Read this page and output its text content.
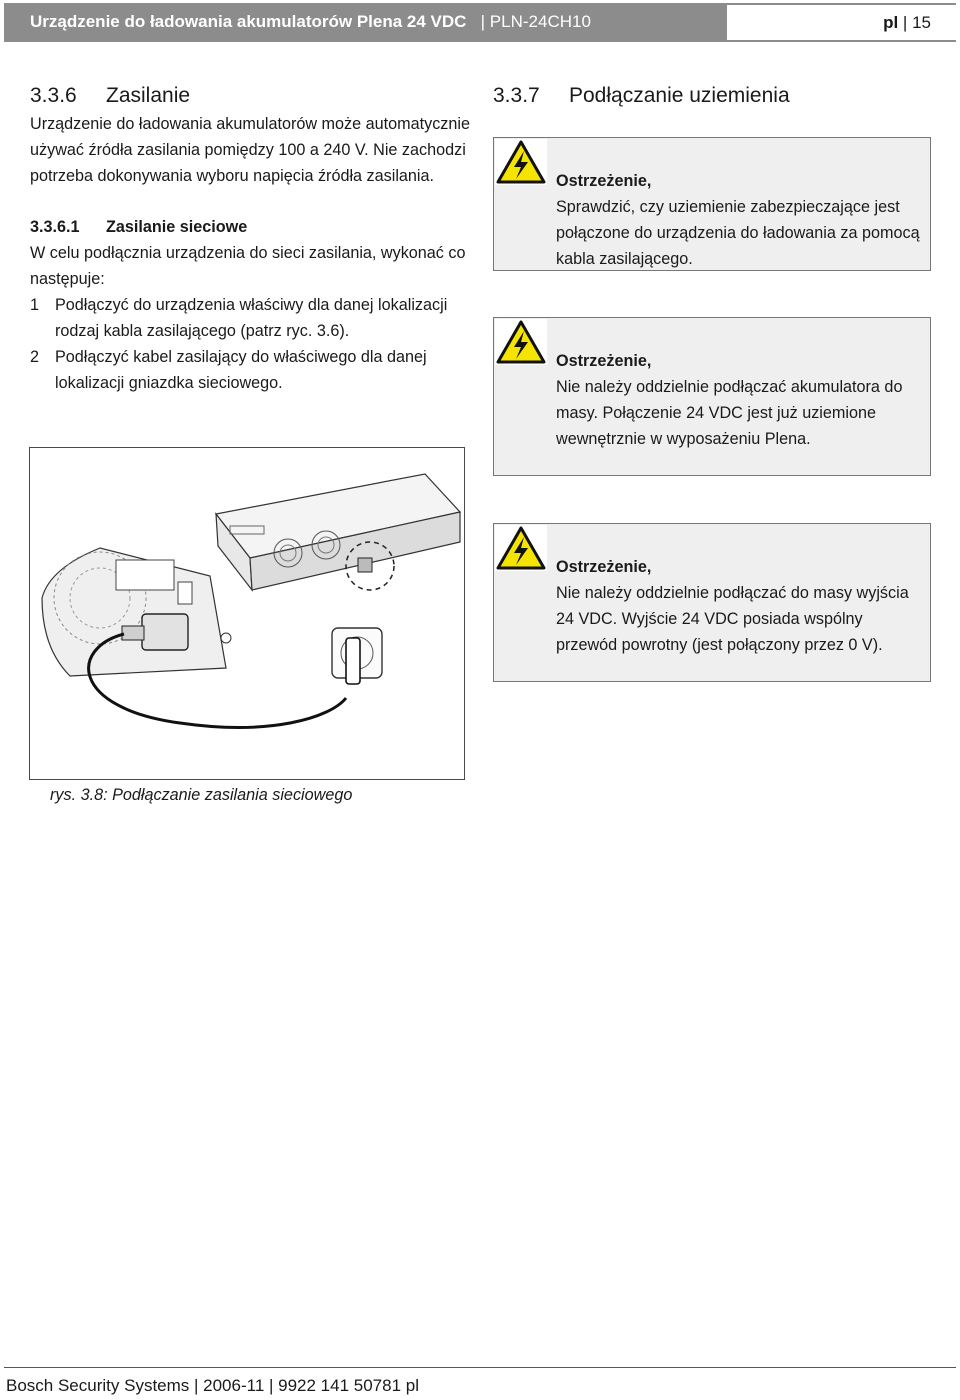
Urządzenie do ładowania akumulatorów Plena 24 VDC | PLN-24CH10	pl | 15
3.3.6 Zasilanie

Urządzenie do ładowania akumulatorów może automatycznie używać źródła zasilania pomiędzy 100 a 240 V. Nie zachodzi potrzeba dokonywania wyboru napięcia źródła zasilania.

3.3.6.1 Zasilanie sieciowe

W celu podłącznia urządzenia do sieci zasilania, wykonać co następuje:

1 Podłączyć do urządzenia właściwy dla danej lokalizacji rodzaj kabla zasilającego (patrz ryc. 3.6).
2 Podłączyć kabel zasilający do właściwego dla danej lokalizacji gniazdka sieciowego.
rys. 3.8: Podłączanie zasilania sieciowego
3.3.7 Podłączanie uziemienia
Ostrzeżenie,
Sprawdzić, czy uziemienie zabezpieczające jest połączone do urządzenia do ładowania za pomocą kabla zasilającego.
Ostrzeżenie,
Nie należy oddzielnie podłączać akumulatora do masy. Połączenie 24 VDC jest już uziemione wewnętrznie w wyposażeniu Plena.
Ostrzeżenie,
Nie należy oddzielnie podłączać do masy wyjścia 24 VDC. Wyjście 24 VDC posiada wspólny przewód powrotny (jest połączony przez 0 V).
Bosch Security Systems | 2006-11 | 9922 141 50781 pl
